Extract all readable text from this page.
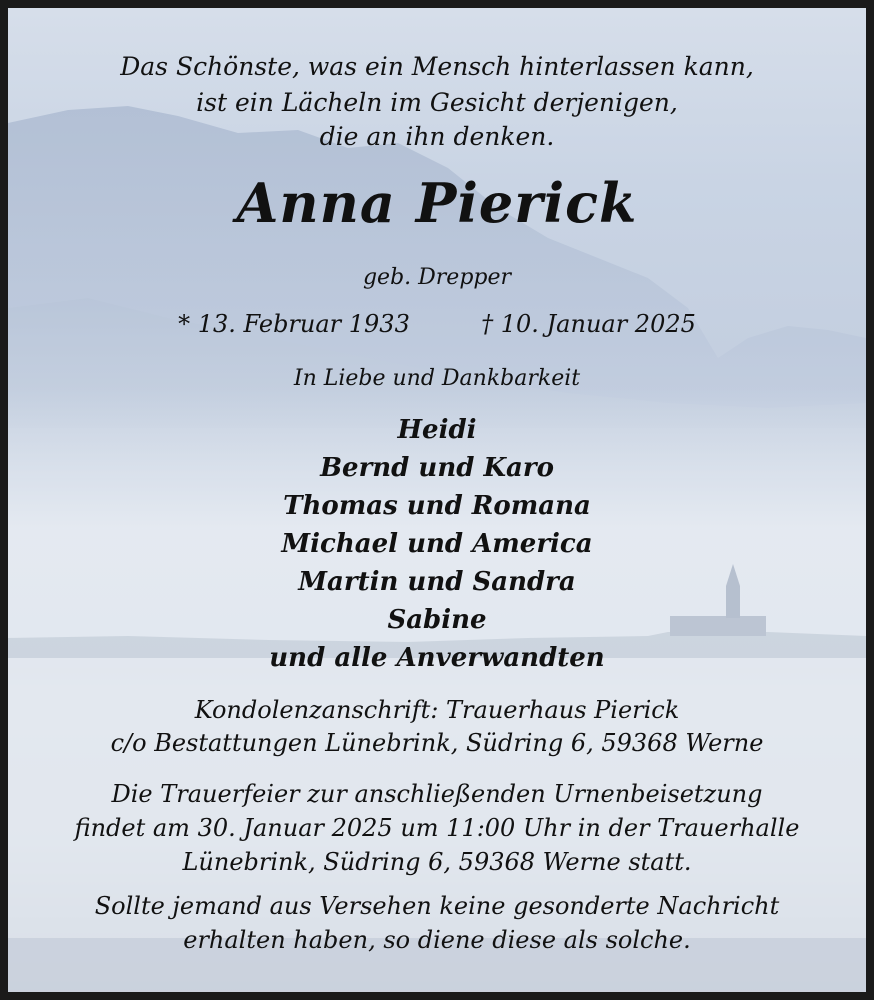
Das Schönste, was ein Mensch hinterlassen kann,
ist ein Lächeln im Gesicht derjenigen,
die an ihn denken.
Anna Pierick
geb. Drepper
* 13. Februar 1933	† 10. Januar 2025
In Liebe und Dankbarkeit
Heidi
Bernd und Karo
Thomas und Romana
Michael und America
Martin und Sandra
Sabine
und alle Anverwandten
Kondolenzanschrift: Trauerhaus Pierick
c/o Bestattungen Lünebrink, Südring 6, 59368 Werne
Die Trauerfeier zur anschließenden Urnenbeisetzung
findet am 30. Januar 2025 um 11:00 Uhr in der Trauerhalle
Lünebrink, Südring 6, 59368 Werne statt.
Sollte jemand aus Versehen keine gesonderte Nachricht
erhalten haben, so diene diese als solche.
